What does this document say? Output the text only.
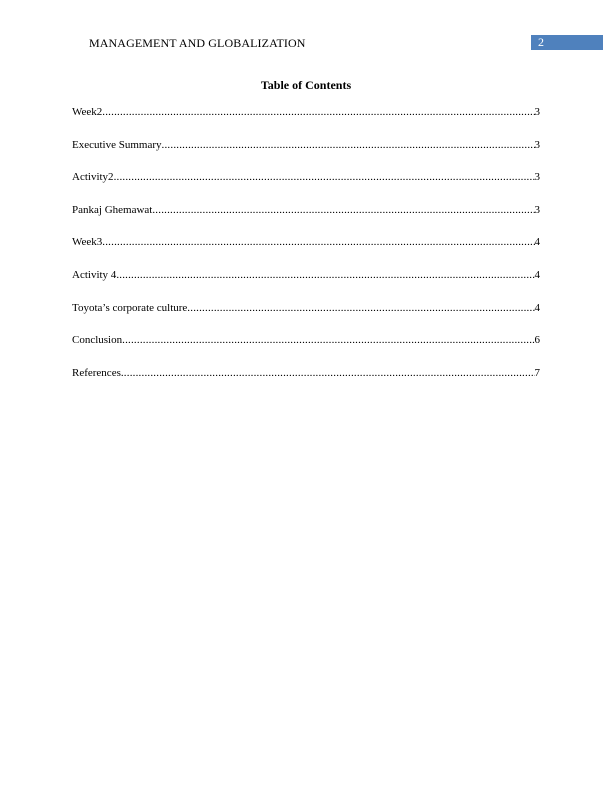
MANAGEMENT AND GLOBALIZATION	2
Table of Contents
Week2 .....	3
Executive Summary .....	3
Activity2 .....	3
Pankaj Ghemawat .....	3
Week3 .....	4
Activity 4 .....	4
Toyota’s corporate culture .....	4
Conclusion .....	6
References .....	7
